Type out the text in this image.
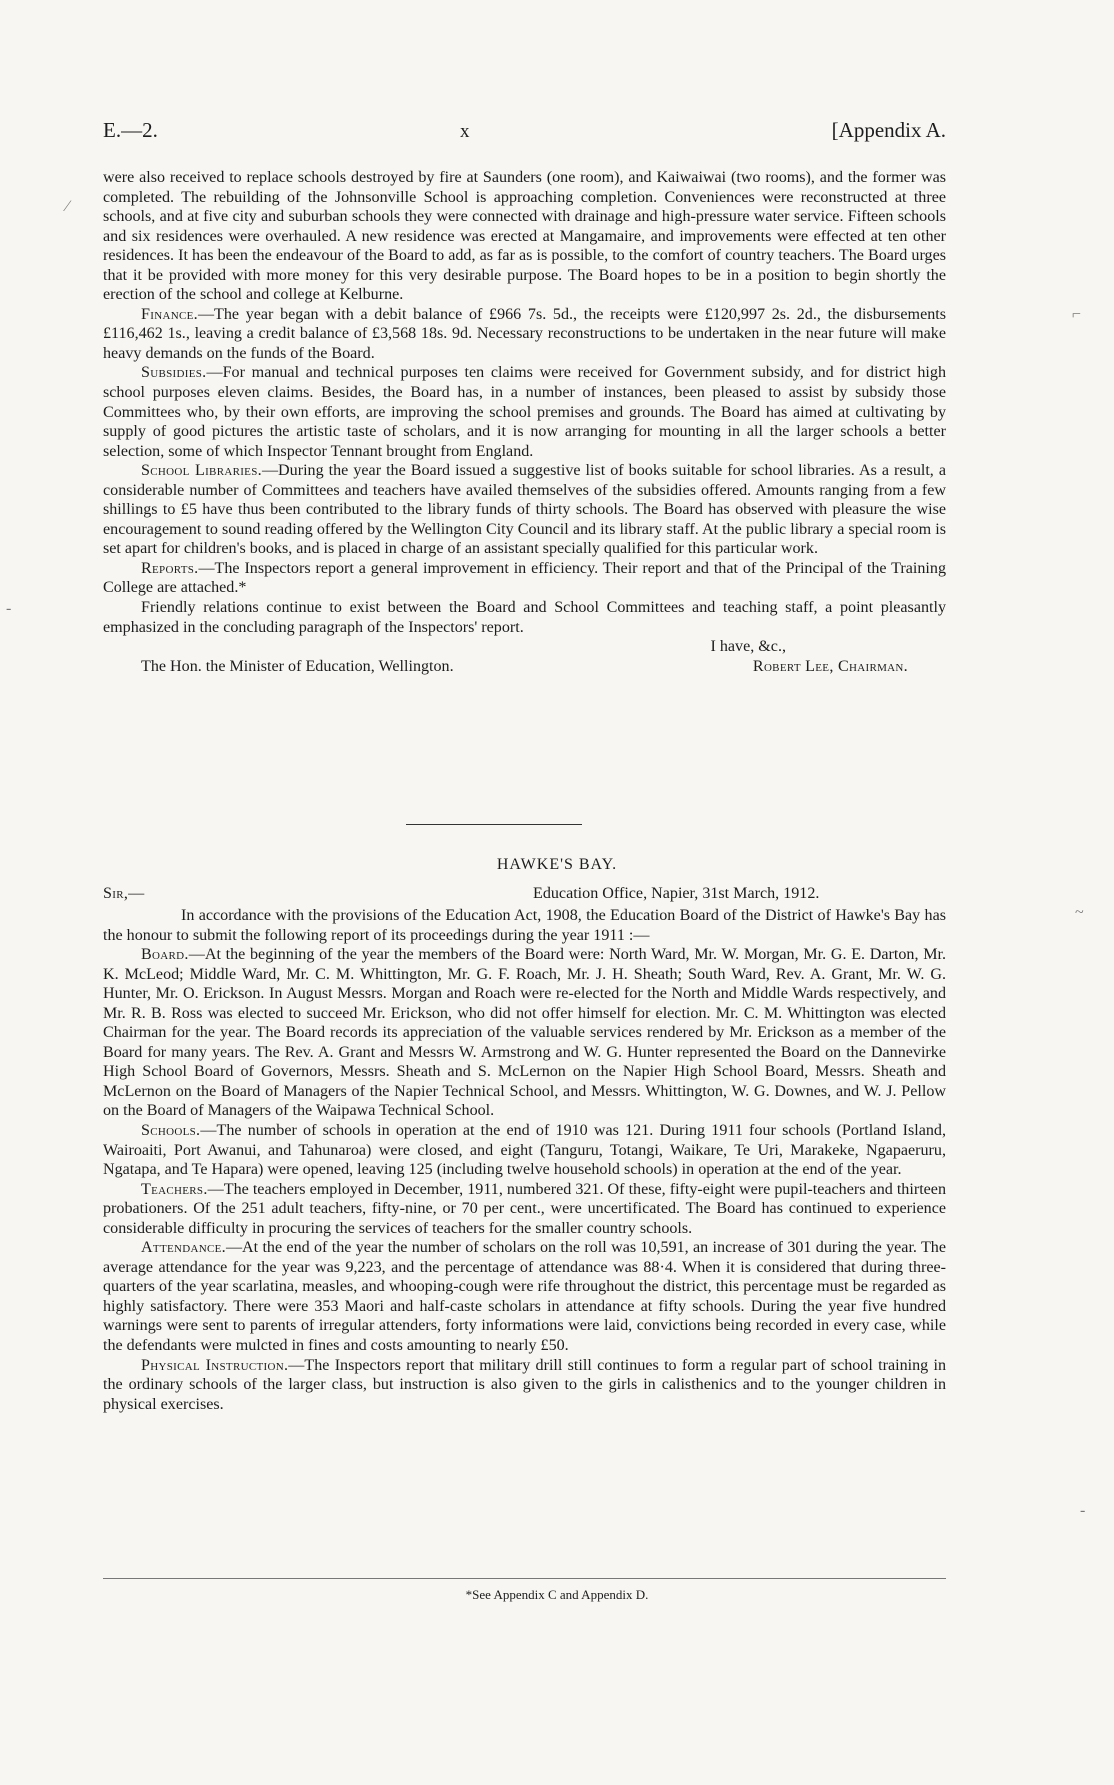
E.—2.	x	[Appendix A.

were also received to replace schools destroyed by fire at Saunders (one room), and Kaiwaiwai (two rooms), and the former was completed. The rebuilding of the Johnsonville School is approaching completion. Conveniences were reconstructed at three schools, and at five city and suburban schools they were connected with drainage and high-pressure water service. Fifteen schools and six residences were overhauled. A new residence was erected at Mangamaire, and improvements were effected at ten other residences. It has been the endeavour of the Board to add, as far as is possible, to the comfort of country teachers. The Board urges that it be provided with more money for this very desirable purpose. The Board hopes to be in a position to begin shortly the erection of the school and college at Kelburne.

Finance.—The year began with a debit balance of £966 7s. 5d., the receipts were £120,997 2s. 2d., the disbursements £116,462 1s., leaving a credit balance of £3,568 18s. 9d. Necessary reconstructions to be undertaken in the near future will make heavy demands on the funds of the Board.

Subsidies.—For manual and technical purposes ten claims were received for Government subsidy, and for district high school purposes eleven claims. Besides, the Board has, in a number of instances, been pleased to assist by subsidy those Committees who, by their own efforts, are improving the school premises and grounds. The Board has aimed at cultivating by supply of good pictures the artistic taste of scholars, and it is now arranging for mounting in all the larger schools a better selection, some of which Inspector Tennant brought from England.

School Libraries.—During the year the Board issued a suggestive list of books suitable for school libraries. As a result, a considerable number of Committees and teachers have availed themselves of the subsidies offered. Amounts ranging from a few shillings to £5 have thus been contributed to the library funds of thirty schools. The Board has observed with pleasure the wise encouragement to sound reading offered by the Wellington City Council and its library staff. At the public library a special room is set apart for children's books, and is placed in charge of an assistant specially qualified for this particular work.

Reports.—The Inspectors report a general improvement in efficiency. Their report and that of the Principal of the Training College are attached.*

Friendly relations continue to exist between the Board and School Committees and teaching staff, a point pleasantly emphasized in the concluding paragraph of the Inspectors' report.

I have, &c.,

The Hon. the Minister of Education, Wellington.	Robert Lee, Chairman.

HAWKE'S BAY.
Sir,—	Education Office, Napier, 31st March, 1912.

In accordance with the provisions of the Education Act, 1908, the Education Board of the District of Hawke's Bay has the honour to submit the following report of its proceedings during the year 1911 :—

Board.—At the beginning of the year the members of the Board were: North Ward, Mr. W. Morgan, Mr. G. E. Darton, Mr. K. McLeod; Middle Ward, Mr. C. M. Whittington, Mr. G. F. Roach, Mr. J. H. Sheath; South Ward, Rev. A. Grant, Mr. W. G. Hunter, Mr. O. Erickson. In August Messrs. Morgan and Roach were re-elected for the North and Middle Wards respectively, and Mr. R. B. Ross was elected to succeed Mr. Erickson, who did not offer himself for election. Mr. C. M. Whittington was elected Chairman for the year. The Board records its appreciation of the valuable services rendered by Mr. Erickson as a member of the Board for many years. The Rev. A. Grant and Messrs W. Armstrong and W. G. Hunter represented the Board on the Dannevirke High School Board of Governors, Messrs. Sheath and S. McLernon on the Napier High School Board, Messrs. Sheath and McLernon on the Board of Managers of the Napier Technical School, and Messrs. Whittington, W. G. Downes, and W. J. Pellow on the Board of Managers of the Waipawa Technical School.

Schools.—The number of schools in operation at the end of 1910 was 121. During 1911 four schools (Portland Island, Wairoaiti, Port Awanui, and Tahunaroa) were closed, and eight (Tanguru, Totangi, Waikare, Te Uri, Marakeke, Ngapaeruru, Ngatapa, and Te Hapara) were opened, leaving 125 (including twelve household schools) in operation at the end of the year.

Teachers.—The teachers employed in December, 1911, numbered 321. Of these, fifty-eight were pupil-teachers and thirteen probationers. Of the 251 adult teachers, fifty-nine, or 70 per cent., were uncertificated. The Board has continued to experience considerable difficulty in procuring the services of teachers for the smaller country schools.

Attendance.—At the end of the year the number of scholars on the roll was 10,591, an increase of 301 during the year. The average attendance for the year was 9,223, and the percentage of attendance was 88·4. When it is considered that during three-quarters of the year scarlatina, measles, and whooping-cough were rife throughout the district, this percentage must be regarded as highly satisfactory. There were 353 Maori and half-caste scholars in attendance at fifty schools. During the year five hundred warnings were sent to parents of irregular attenders, forty informations were laid, convictions being recorded in every case, while the defendants were mulcted in fines and costs amounting to nearly £50.

Physical Instruction.—The Inspectors report that military drill still continues to form a regular part of school training in the ordinary schools of the larger class, but instruction is also given to the girls in calisthenics and to the younger children in physical exercises.

*See Appendix C and Appendix D.
⁄
⌐
-
~
-
